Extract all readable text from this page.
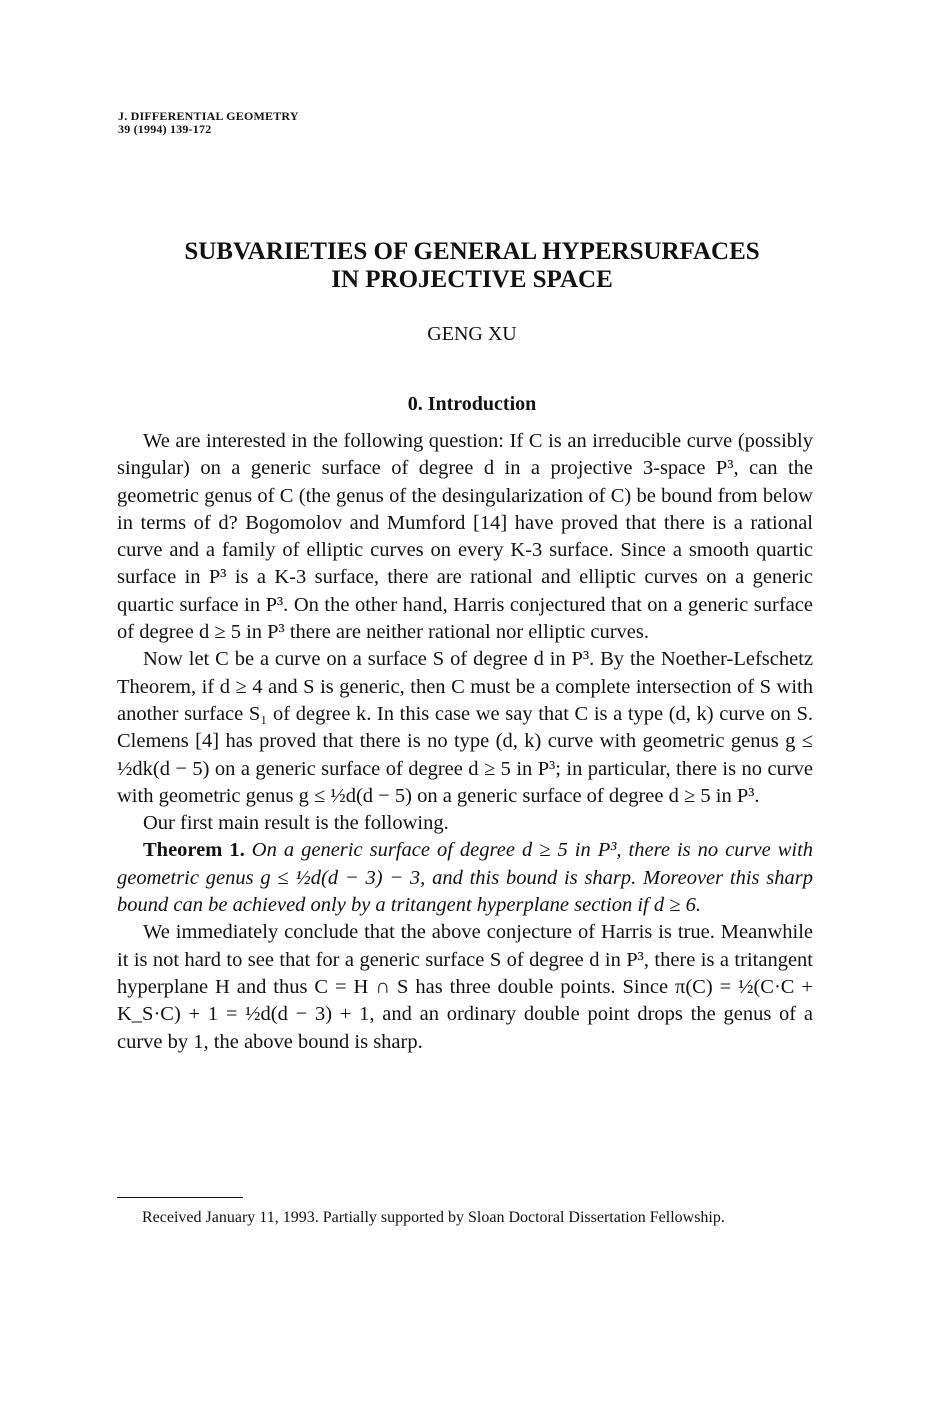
J. DIFFERENTIAL GEOMETRY
39 (1994) 139-172
SUBVARIETIES OF GENERAL HYPERSURFACES
IN PROJECTIVE SPACE
GENG XU
0. Introduction

We are interested in the following question: If C is an irreducible curve (possibly singular) on a generic surface of degree d in a projective 3-space P³, can the geometric genus of C (the genus of the desingularization of C) be bound from below in terms of d? Bogomolov and Mumford [14] have proved that there is a rational curve and a family of elliptic curves on every K-3 surface. Since a smooth quartic surface in P³ is a K-3 surface, there are rational and elliptic curves on a generic quartic surface in P³. On the other hand, Harris conjectured that on a generic surface of degree d ≥ 5 in P³ there are neither rational nor elliptic curves.

Now let C be a curve on a surface S of degree d in P³. By the Noether-Lefschetz Theorem, if d ≥ 4 and S is generic, then C must be a complete intersection of S with another surface S₁ of degree k. In this case we say that C is a type (d, k) curve on S. Clemens [4] has proved that there is no type (d, k) curve with geometric genus g ≤ ½dk(d − 5) on a generic surface of degree d ≥ 5 in P³; in particular, there is no curve with geometric genus g ≤ ½d(d − 5) on a generic surface of degree d ≥ 5 in P³.

Our first main result is the following.

Theorem 1. On a generic surface of degree d ≥ 5 in P³, there is no curve with geometric genus g ≤ ½d(d − 3) − 3, and this bound is sharp. Moreover this sharp bound can be achieved only by a tritangent hyperplane section if d ≥ 6.

We immediately conclude that the above conjecture of Harris is true. Meanwhile it is not hard to see that for a generic surface S of degree d in P³, there is a tritangent hyperplane H and thus C = H ∩ S has three double points. Since π(C) = ½(C·C + K_S·C) + 1 = ½d(d − 3) + 1, and an ordinary double point drops the genus of a curve by 1, the above bound is sharp.

Received January 11, 1993. Partially supported by Sloan Doctoral Dissertation Fellowship.
